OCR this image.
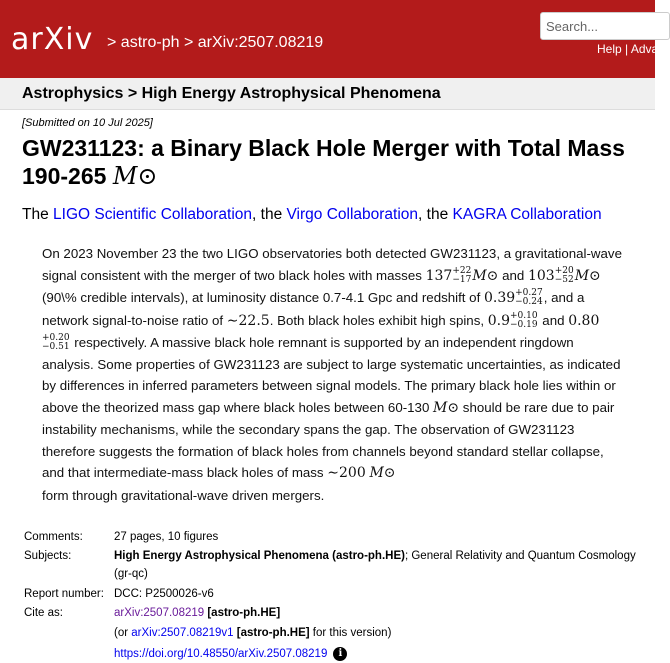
arXiv > astro-ph > arXiv:2507.08219
Search...	Help | Adva
Astrophysics > High Energy Astrophysical Phenomena
[Submitted on 10 Jul 2025]
GW231123: a Binary Black Hole Merger with Total Mass
190-265 M⊙
The LIGO Scientific Collaboration, the Virgo Collaboration, the KAGRA Collaboration
On 2023 November 23 the two LIGO observatories both detected GW231123, a gravitational-wave signal consistent with the merger of two black holes with masses 137 +22
−17 M⊙ and 103 +20
−52 M⊙ (90\% credible intervals), at luminosity distance 0.7-4.1 Gpc and redshift of 0.39 +0.27
−0.24 , and a network signal-to-noise ratio of ∼22.5. Both black holes exhibit high spins, 0.9 +0.10
−0.19 and 0.80
+0.20
−0.51 respectively. A massive black hole remnant is supported by an independent ringdown analysis. Some properties of GW231123 are subject to large systematic uncertainties, as indicated by differences in inferred parameters between signal models. The primary black hole lies within or above the theorized mass gap where black holes between 60-130 M⊙ should be rare due to pair instability mechanisms, while the secondary spans the gap. The observation of GW231123 therefore suggests the formation of black holes from channels beyond standard stellar collapse, and that intermediate-mass black holes of mass ∼200 M⊙
form through gravitational-wave driven mergers.
Comments:	27 pages, 10 figures
Subjects:	High Energy Astrophysical Phenomena (astro-ph.HE); General Relativity and Quantum Cosmology
(gr-qc)
Report number: DCC: P2500026-v6
Cite as:	arXiv:2507.08219 [astro-ph.HE]
(or arXiv:2507.08219v1 [astro-ph.HE] for this version)
https://doi.org/10.48550/arXiv.2507.08219 i
